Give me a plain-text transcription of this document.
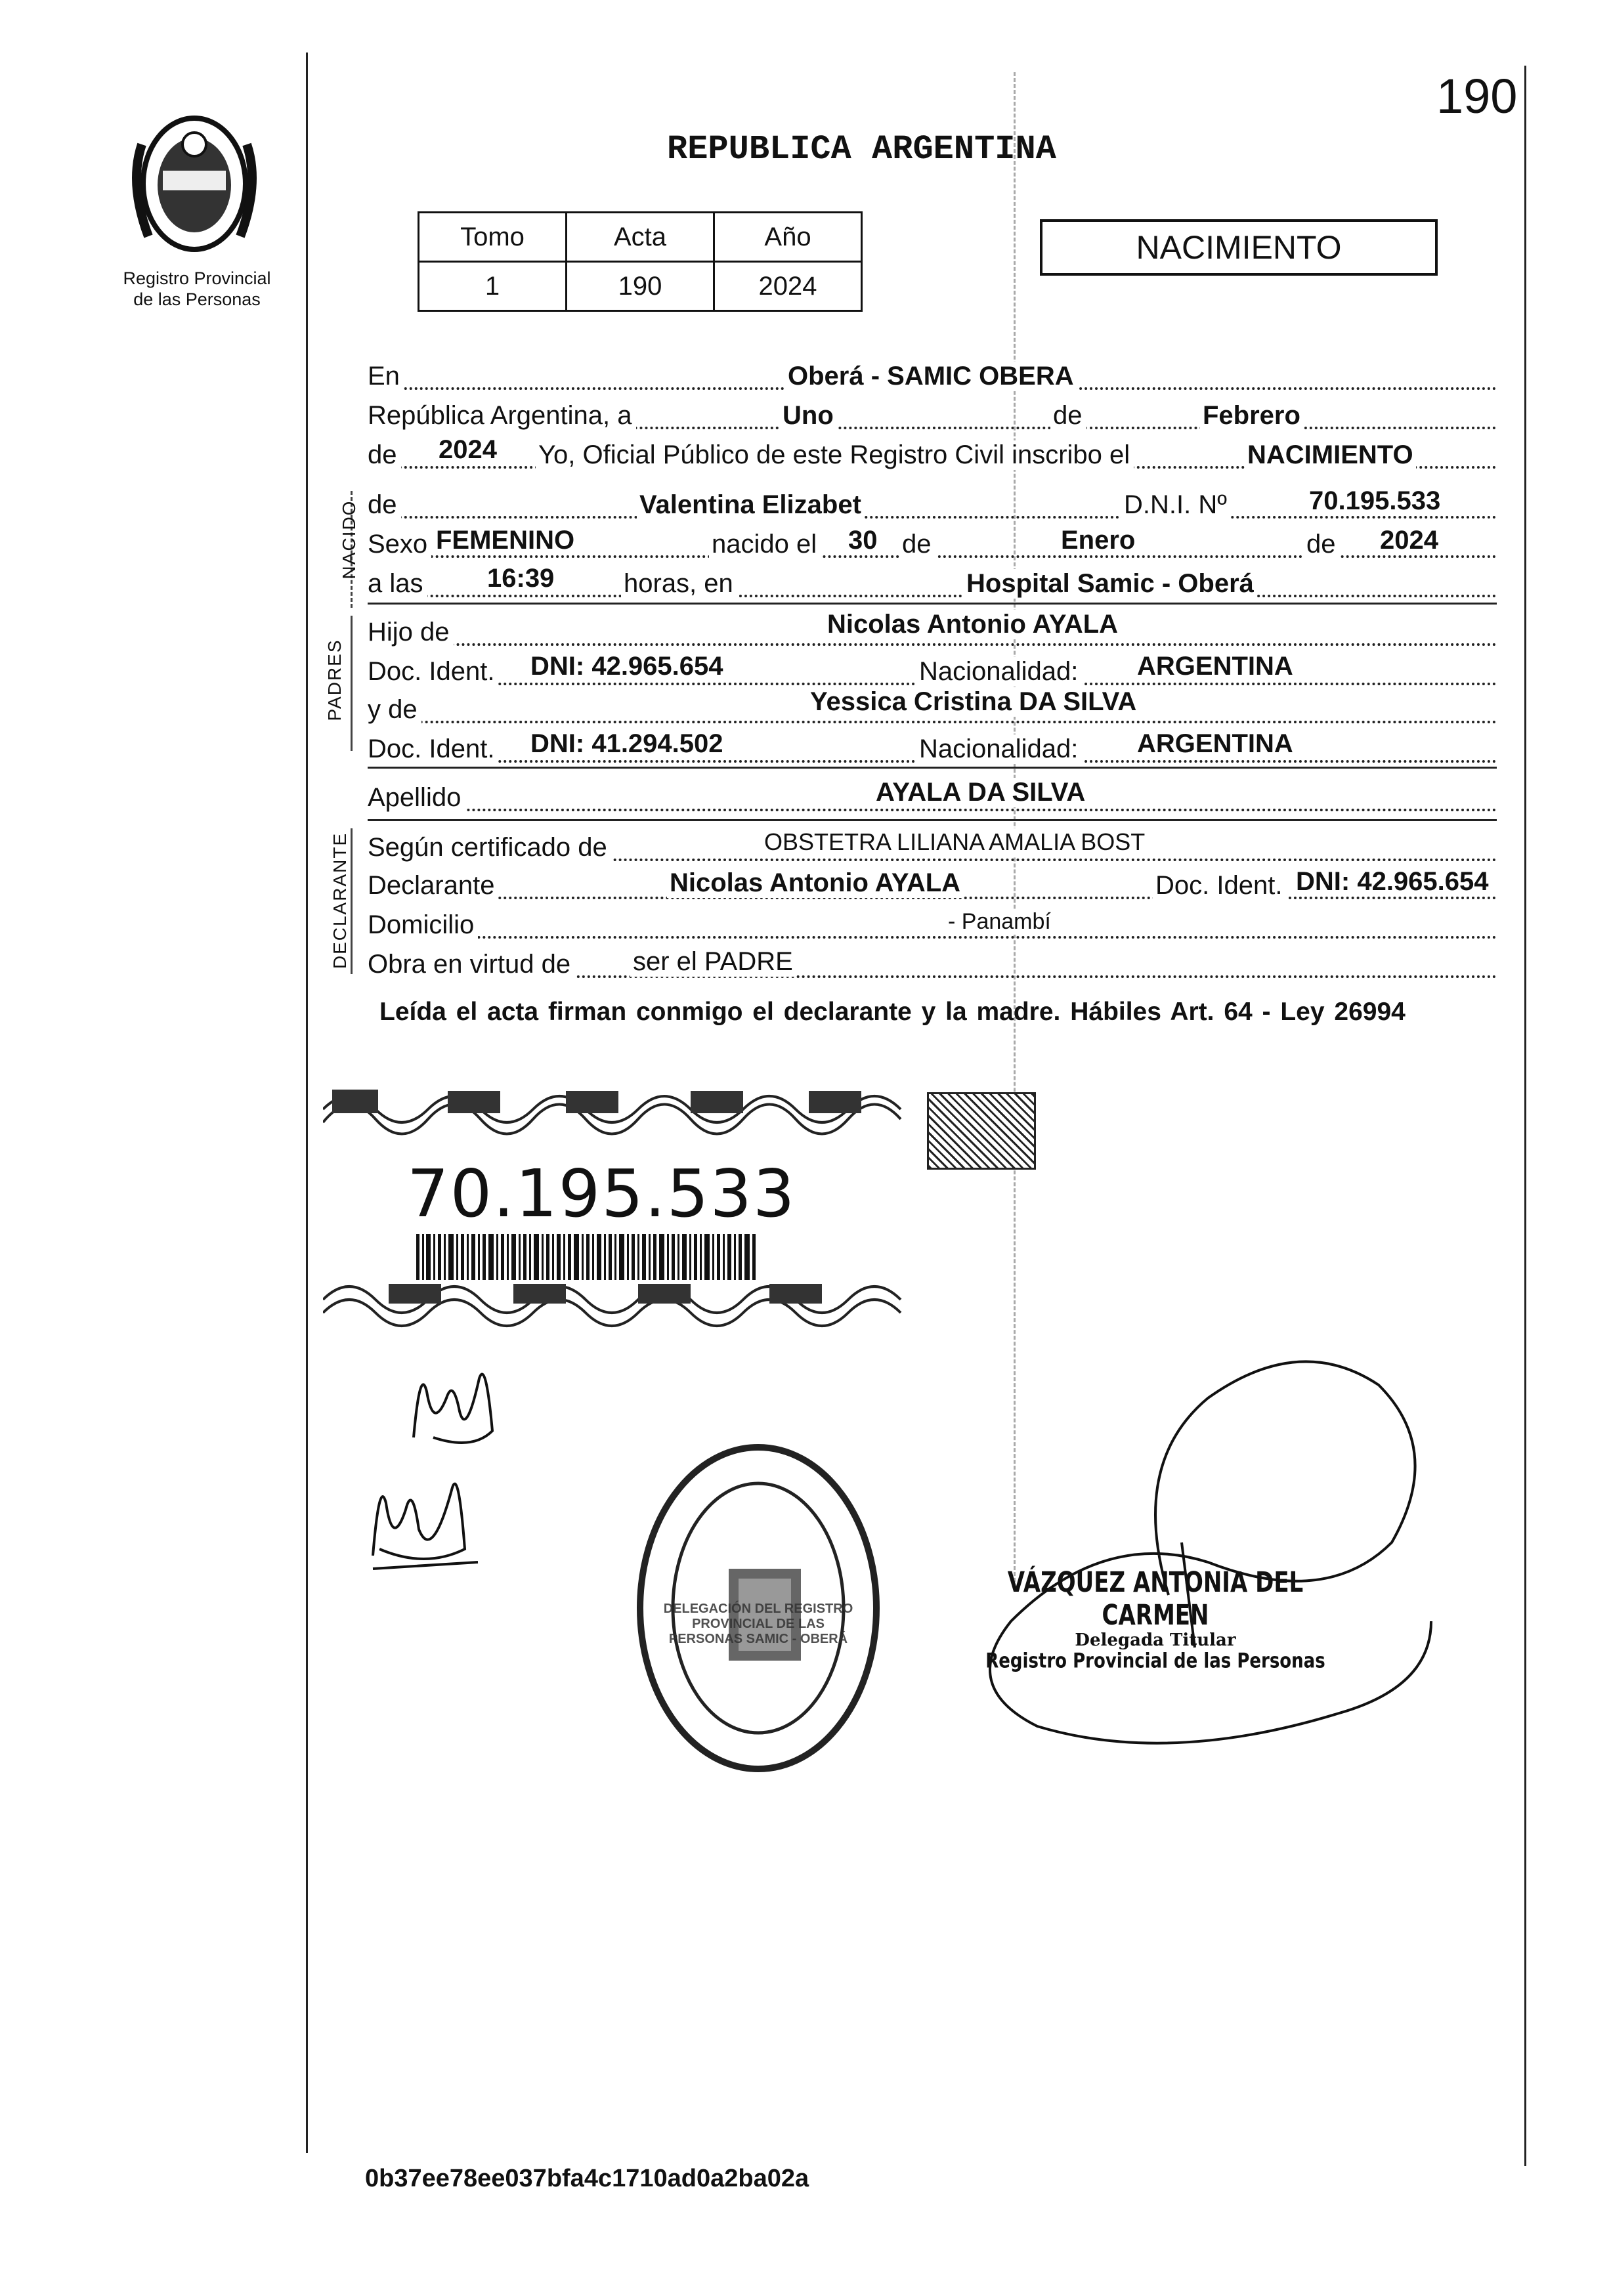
Registro Provincial
de las Personas
190
REPUBLICA ARGENTINA
Tomo	Acta	Año
1	190	2024
NACIMIENTO
En	Oberá - SAMIC OBERA
República Argentina, a	Uno	de	Febrero
de 2024 Yo, Oficial Público de este Registro Civil inscribo el	NACIMIENTO
NACIDO de	Valentina Elizabet	D.N.I. Nº	70.195.533
Sexo FEMENINO	nacido el 30 de	Enero	de 2024
a las 16:39	horas, en	Hospital Samic - Oberá
PADRES
Hijo de	Nicolas Antonio AYALA
Doc. Ident. DNI: 42.965.654	Nacionalidad: ARGENTINA
y de	Yessica Cristina DA SILVA
Doc. Ident. DNI: 41.294.502	Nacionalidad: ARGENTINA
Apellido	AYALA DA SILVA
DECLARANTE Según certificado de	OBSTETRA LILIANA AMALIA BOST
Declarante	Nicolas Antonio AYALA	Doc. Ident. DNI: 42.965.654
Domicilio	- Panambí
Obra en virtud de ser el PADRE
Leída el acta firman conmigo el declarante y la madre. Hábiles Art. 64 - Ley 26994
70.195.533
DELEGACIÓN DEL REGISTRO PROVINCIAL DE LAS PERSONAS SAMIC - OBERÁ
VÁZQUEZ ANTONIA DEL CARMEN
Delegada Titular
Registro Provincial de las Personas
0b37ee78ee037bfa4c1710ad0a2ba02a
